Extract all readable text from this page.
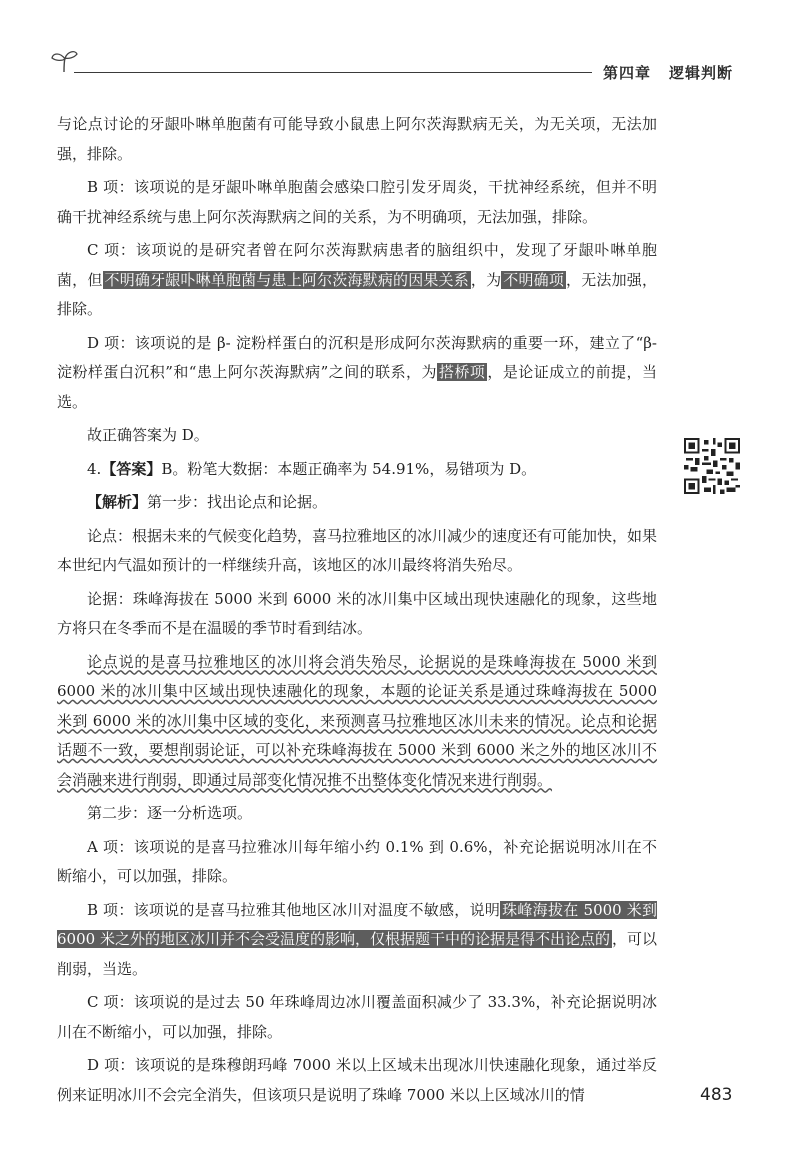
第四章 逻辑判断

与论点讨论的牙龈卟啉单胞菌有可能导致小鼠患上阿尔茨海默病无关，为无关项，无法加强，排除。

B 项：该项说的是牙龈卟啉单胞菌会感染口腔引发牙周炎，干扰神经系统，但并不明确干扰神经系统与患上阿尔茨海默病之间的关系，为不明确项，无法加强，排除。

C 项：该项说的是研究者曾在阿尔茨海默病患者的脑组织中，发现了牙龈卟啉单胞菌，但 不明确牙龈卟啉单胞菌与患上阿尔茨海默病的因果关系 ，为 不明确项 ，无法加强，排除。

D 项：该项说的是 β- 淀粉样蛋白的沉积是形成阿尔茨海默病的重要一环，建立了“β- 淀粉样蛋白沉积”和“患上阿尔茨海默病”之间的联系，为 搭桥项 ，是论证成立的前提，当选。

故正确答案为 D。

4.【答案】B。粉笔大数据：本题正确率为 54.91%，易错项为 D。

【解析】第一步：找出论点和论据。

论点：根据未来的气候变化趋势，喜马拉雅地区的冰川减少的速度还有可能加快，如果本世纪内气温如预计的一样继续升高，该地区的冰川最终将消失殆尽。

论据：珠峰海拔在 5000 米到 6000 米的冰川集中区域出现快速融化的现象，这些地方将只在冬季而不是在温暖的季节时看到结冰。

论点说的是喜马拉雅地区的冰川将会消失殆尽，论据说的是珠峰海拔在 5000 米到 6000 米的冰川集中区域出现快速融化的现象，本题的论证关系是通过珠峰海拔在 5000 米到 6000 米的冰川集中区域的变化，来预测喜马拉雅地区冰川未来的情况。论点和论据话题不一致，要想削弱论证，可以补充珠峰海拔在 5000 米到 6000 米之外的地区冰川不会消融来进行削弱，即通过局部变化情况推不出整体变化情况来进行削弱。

第二步：逐一分析选项。

A 项：该项说的是喜马拉雅冰川每年缩小约 0.1% 到 0.6%，补充论据说明冰川在不断缩小，可以加强，排除。

B 项：该项说的是喜马拉雅其他地区冰川对温度不敏感，说明 珠峰海拔在 5000 米到 6000 米之外的地区冰川并不会受温度的影响，仅根据题干中的论据是得不出论点的 ，可以削弱，当选。

C 项：该项说的是过去 50 年珠峰周边冰川覆盖面积减少了 33.3%，补充论据说明冰川在不断缩小，可以加强，排除。

D 项：该项说的是珠穆朗玛峰 7000 米以上区域未出现冰川快速融化现象，通过举反例来证明冰川不会完全消失，但该项只是说明了珠峰 7000 米以上区域冰川的情	483
